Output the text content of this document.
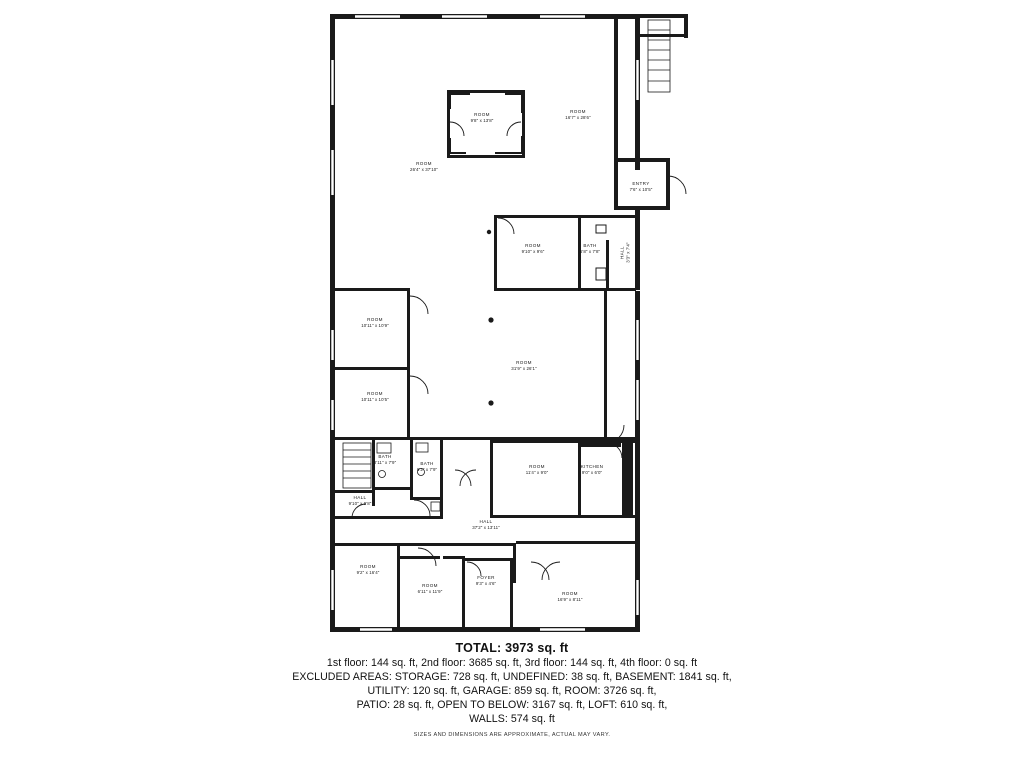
ROOM
26'4" x 37'10"
ROOM
9'8" x 13'8"
ROOM
16'7" x 28'6"
ENTRY
7'6" x 10'5"
ROOM
9'10" x 9'6"
BATH
5'8" x 7'8"	HALL 3'3" x 7'4"
ROOM
10'11" x 10'9"
ROOM
10'11" x 10'5"
ROOM
31'9" x 26'1"
BATH
8'11" x 7'9"	BATH
6'2" x 7'9"
HALL
9'10" x 9'8"
ROOM
11'4" x 9'0"
KITCHEN
9'0" x 6'0"
HALL
37'2" x 13'11"
ROOM
9'2" x 16'4"
ROOM
6'11" x 11'9"
FOYER
9'3" x 4'6"
ROOM
16'9" x 8'11"
TOTAL: 3973 sq. ft
1st floor: 144 sq. ft, 2nd floor: 3685 sq. ft, 3rd floor: 144 sq. ft, 4th floor: 0 sq. ft
EXCLUDED AREAS: STORAGE: 728 sq. ft, UNDEFINED: 38 sq. ft, BASEMENT: 1841 sq. ft,
UTILITY: 120 sq. ft, GARAGE: 859 sq. ft, ROOM: 3726 sq. ft,
PATIO: 28 sq. ft, OPEN TO BELOW: 3167 sq. ft, LOFT: 610 sq. ft,
WALLS: 574 sq. ft
SIZES AND DIMENSIONS ARE APPROXIMATE, ACTUAL MAY VARY.
